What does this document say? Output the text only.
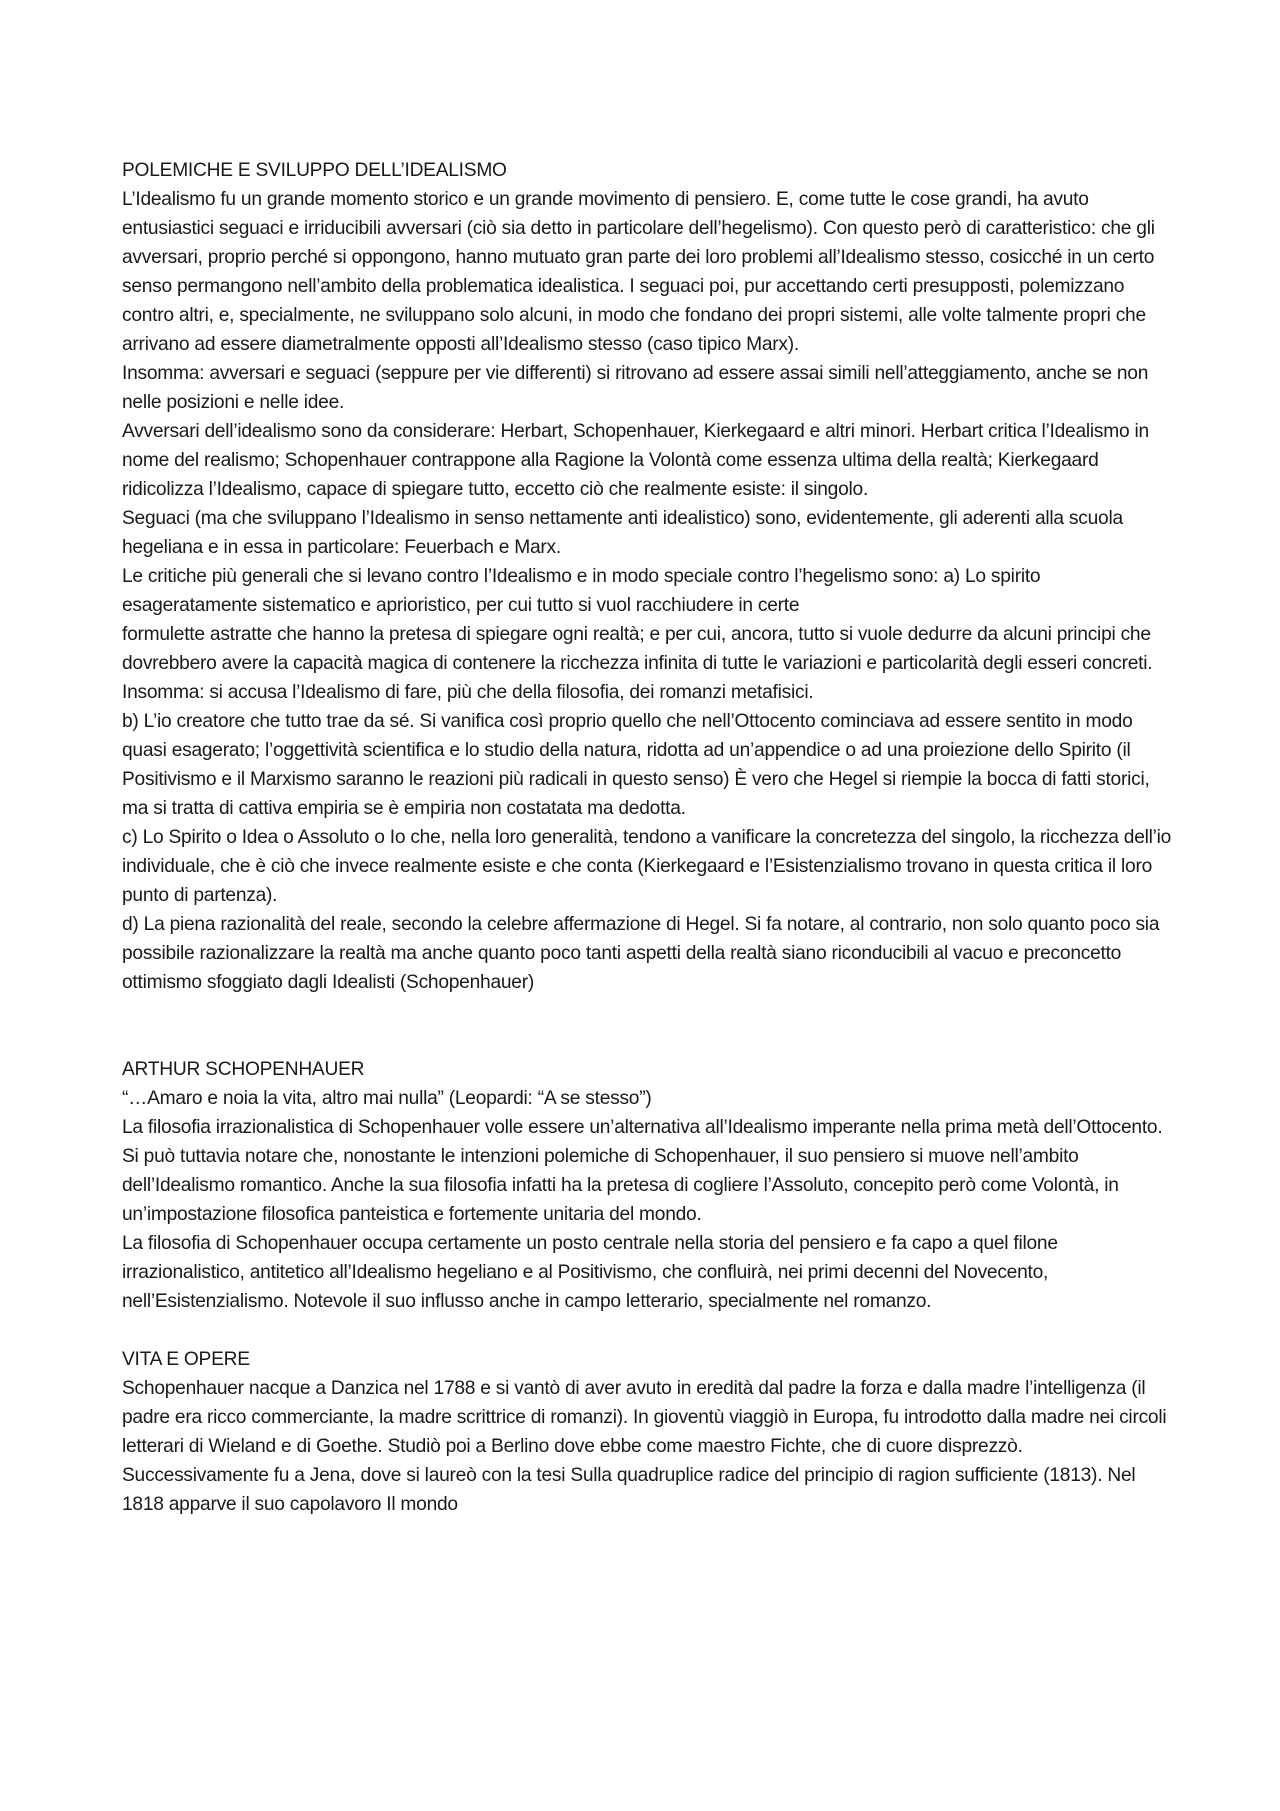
POLEMICHE E SVILUPPO DELL’IDEALISMO

L’Idealismo fu un grande momento storico e un grande movimento di pensiero. E, come tutte le cose grandi, ha avuto entusiastici seguaci e irriducibili avversari (ciò sia detto in particolare dell’hegelismo). Con questo però di caratteristico: che gli avversari, proprio perché si oppongono, hanno mutuato gran parte dei loro problemi all’Idealismo stesso, cosicché in un certo senso permangono nell’ambito della problematica idealistica. I seguaci poi, pur accettando certi presupposti, polemizzano contro altri, e, specialmente, ne sviluppano solo alcuni, in modo che fondano dei propri sistemi, alle volte talmente propri che arrivano ad essere diametralmente opposti all’Idealismo stesso (caso tipico Marx).

Insomma: avversari e seguaci (seppure per vie differenti) si ritrovano ad essere assai simili nell’atteggiamento, anche se non nelle posizioni e nelle idee.

Avversari dell’idealismo sono da considerare: Herbart, Schopenhauer, Kierkegaard e altri minori. Herbart critica l’Idealismo in nome del realismo; Schopenhauer contrappone alla Ragione la Volontà come essenza ultima della realtà; Kierkegaard ridicolizza l’Idealismo, capace di spiegare tutto, eccetto ciò che realmente esiste: il singolo.

Seguaci (ma che sviluppano l’Idealismo in senso nettamente anti idealistico) sono, evidentemente, gli aderenti alla scuola hegeliana e in essa in particolare: Feuerbach e Marx.

Le critiche più generali che si levano contro l’Idealismo e in modo speciale contro l’hegelismo sono: a) Lo spirito esageratamente sistematico e aprioristico, per cui tutto si vuol racchiudere in certe

formulette astratte che hanno la pretesa di spiegare ogni realtà; e per cui, ancora, tutto si vuole dedurre da alcuni principi che dovrebbero avere la capacità magica di contenere la ricchezza infinita di tutte le variazioni e particolarità degli esseri concreti. Insomma: si accusa l’Idealismo di fare, più che della filosofia, dei romanzi metafisici.

b) L’io creatore che tutto trae da sé. Si vanifica così proprio quello che nell’Ottocento cominciava ad essere sentito in modo quasi esagerato; l’oggettività scientifica e lo studio della natura, ridotta ad un’appendice o ad una proiezione dello Spirito (il Positivismo e il Marxismo saranno le reazioni più radicali in questo senso) È vero che Hegel si riempie la bocca di fatti storici, ma si tratta di cattiva empiria se è empiria non costatata ma dedotta.

c) Lo Spirito o Idea o Assoluto o Io che, nella loro generalità, tendono a vanificare la concretezza del singolo, la ricchezza dell’io individuale, che è ciò che invece realmente esiste e che conta (Kierkegaard e l’Esistenzialismo trovano in questa critica il loro punto di partenza).

d) La piena razionalità del reale, secondo la celebre affermazione di Hegel. Si fa notare, al contrario, non solo quanto poco sia possibile razionalizzare la realtà ma anche quanto poco tanti aspetti della realtà siano riconducibili al vacuo e preconcetto ottimismo sfoggiato dagli Idealisti (Schopenhauer)

ARTHUR SCHOPENHAUER

“…Amaro e noia la vita, altro mai nulla” (Leopardi: “A se stesso”)

La filosofia irrazionalistica di Schopenhauer volle essere un’alternativa all’Idealismo imperante nella prima metà dell’Ottocento. Si può tuttavia notare che, nonostante le intenzioni polemiche di Schopenhauer, il suo pensiero si muove nell’ambito dell’Idealismo romantico. Anche la sua filosofia infatti ha la pretesa di cogliere l’Assoluto, concepito però come Volontà, in un’impostazione filosofica panteistica e fortemente unitaria del mondo.

La filosofia di Schopenhauer occupa certamente un posto centrale nella storia del pensiero e fa capo a quel filone irrazionalistico, antitetico all’Idealismo hegeliano e al Positivismo, che confluirà, nei primi decenni del Novecento, nell’Esistenzialismo. Notevole il suo influsso anche in campo letterario, specialmente nel romanzo.

VITA E OPERE

Schopenhauer nacque a Danzica nel 1788 e si vantò di aver avuto in eredità dal padre la forza e dalla madre l’intelligenza (il padre era ricco commerciante, la madre scrittrice di romanzi). In gioventù viaggiò in Europa, fu introdotto dalla madre nei circoli letterari di Wieland e di Goethe. Studiò poi a Berlino dove ebbe come maestro Fichte, che di cuore disprezzò. Successivamente fu a Jena, dove si laureò con la tesi Sulla quadruplice radice del principio di ragion sufficiente (1813). Nel 1818 apparve il suo capolavoro Il mondo
